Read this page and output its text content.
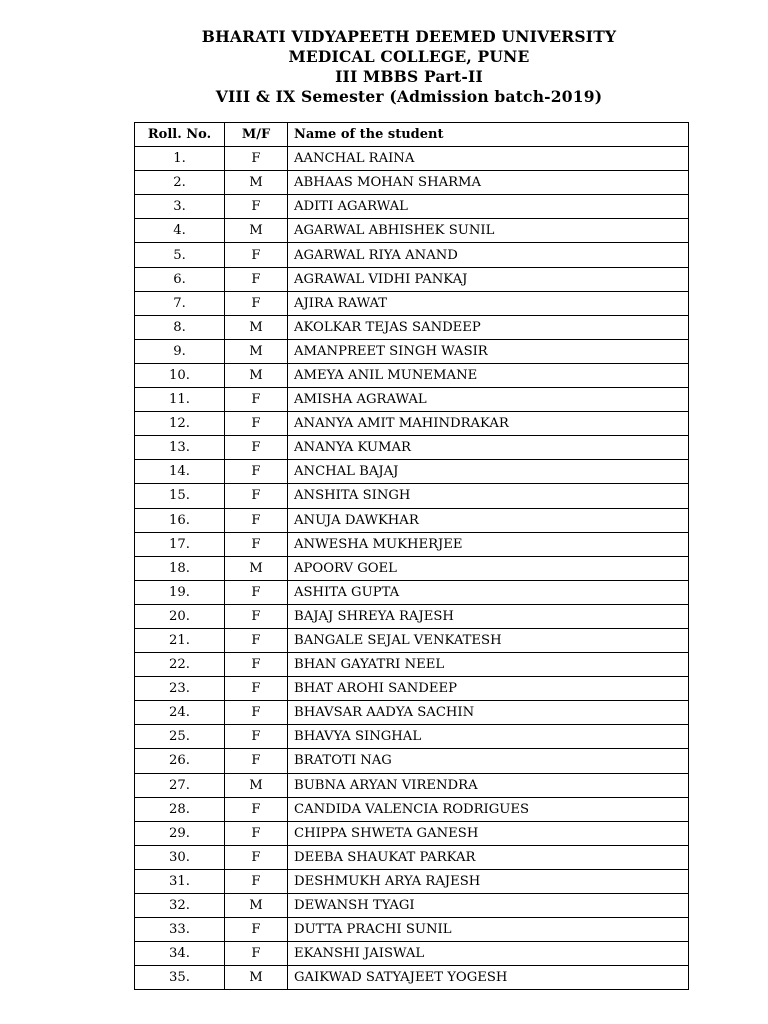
BHARATI VIDYAPEETH DEEMED UNIVERSITY
MEDICAL COLLEGE, PUNE
III MBBS Part-II
VIII & IX Semester (Admission batch-2019)
Roll. No.	M/F	Name of the student
1.	F	AANCHAL RAINA
2.	M	ABHAAS MOHAN SHARMA
3.	F	ADITI AGARWAL
4.	M	AGARWAL ABHISHEK SUNIL
5.	F	AGARWAL RIYA ANAND
6.	F	AGRAWAL VIDHI PANKAJ
7.	F	AJIRA RAWAT
8.	M	AKOLKAR TEJAS SANDEEP
9.	M	AMANPREET SINGH WASIR
10.	M	AMEYA ANIL MUNEMANE
11.	F	AMISHA AGRAWAL
12.	F	ANANYA AMIT MAHINDRAKAR
13.	F	ANANYA KUMAR
14.	F	ANCHAL BAJAJ
15.	F	ANSHITA SINGH
16.	F	ANUJA DAWKHAR
17.	F	ANWESHA MUKHERJEE
18.	M	APOORV GOEL
19.	F	ASHITA GUPTA
20.	F	BAJAJ SHREYA RAJESH
21.	F	BANGALE SEJAL VENKATESH
22.	F	BHAN GAYATRI NEEL
23.	F	BHAT AROHI SANDEEP
24.	F	BHAVSAR AADYA SACHIN
25.	F	BHAVYA SINGHAL
26.	F	BRATOTI NAG
27.	M	BUBNA ARYAN VIRENDRA
28.	F	CANDIDA VALENCIA RODRIGUES
29.	F	CHIPPA SHWETA GANESH
30.	F	DEEBA SHAUKAT PARKAR
31.	F	DESHMUKH ARYA RAJESH
32.	M	DEWANSH TYAGI
33.	F	DUTTA PRACHI SUNIL
34.	F	EKANSHI JAISWAL
35.	M	GAIKWAD SATYAJEET YOGESH
